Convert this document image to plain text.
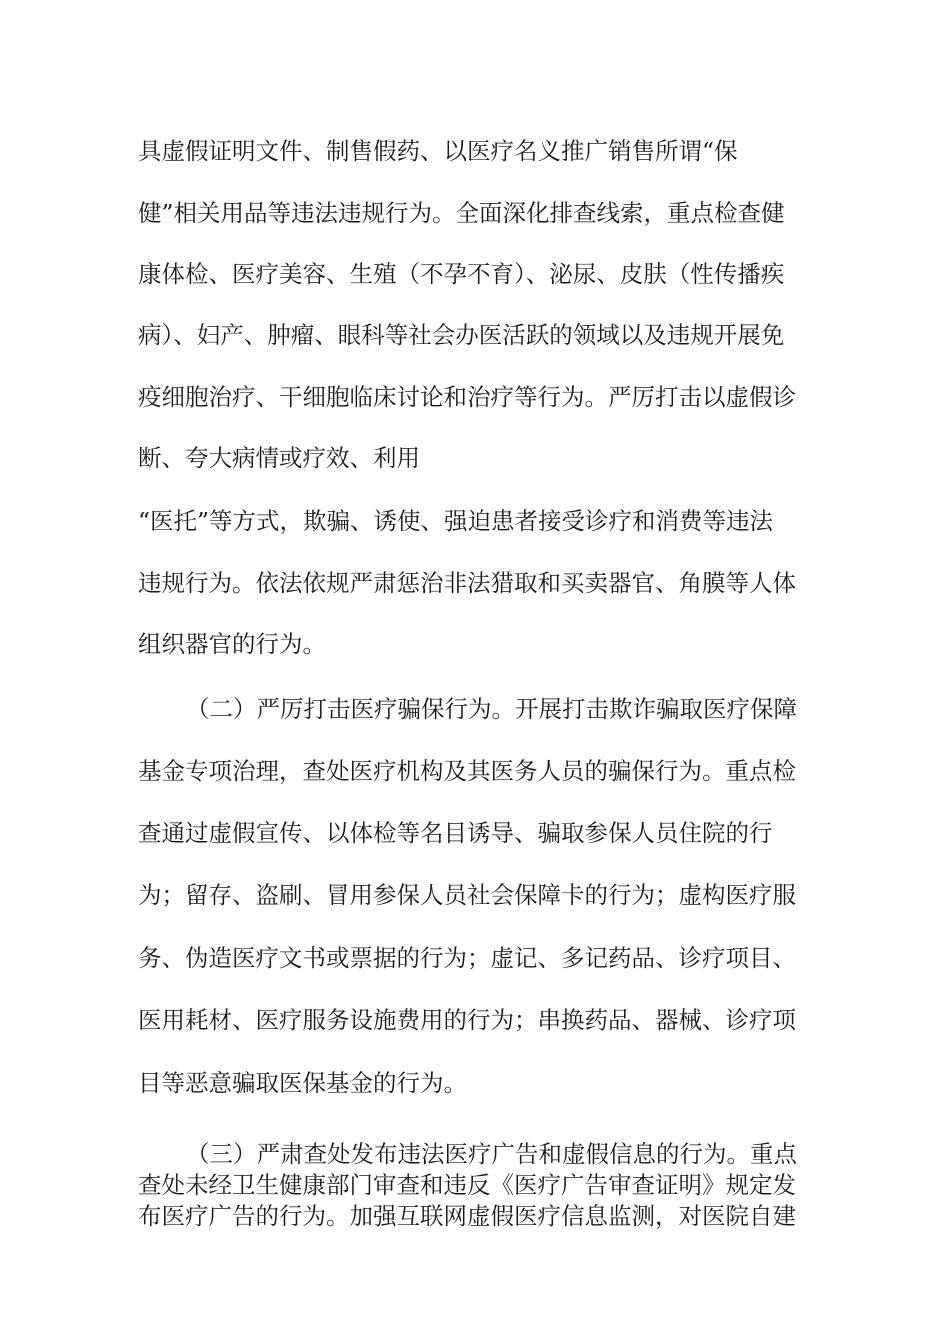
具虚假证明文件、制售假药、以医疗名义推广销售所谓“保

健”相关用品等违法违规行为。全面深化排查线索，重点检查健

康体检、医疗美容、生殖（不孕不育）、泌尿、皮肤（性传播疾

病）、妇产、肿瘤、眼科等社会办医活跃的领域以及违规开展免

疫细胞治疗、干细胞临床讨论和治疗等行为。严厉打击以虚假诊

断、夸大病情或疗效、利用

“医托”等方式，欺骗、诱使、强迫患者接受诊疗和消费等违法

违规行为。依法依规严肃惩治非法猎取和买卖器官、角膜等人体

组织器官的行为。

（二）严厉打击医疗骗保行为。开展打击欺诈骗取医疗保障

基金专项治理，查处医疗机构及其医务人员的骗保行为。重点检

查通过虚假宣传、以体检等名目诱导、骗取参保人员住院的行

为；留存、盗刷、冒用参保人员社会保障卡的行为；虚构医疗服

务、伪造医疗文书或票据的行为；虚记、多记药品、诊疗项目、

医用耗材、医疗服务设施费用的行为；串换药品、器械、诊疗项

目等恶意骗取医保基金的行为。

（三）严肃查处发布违法医疗广告和虚假信息的行为。重点

查处未经卫生健康部门审查和违反《医疗广告审查证明》规定发

布医疗广告的行为。加强互联网虚假医疗信息监测，对医院自建
